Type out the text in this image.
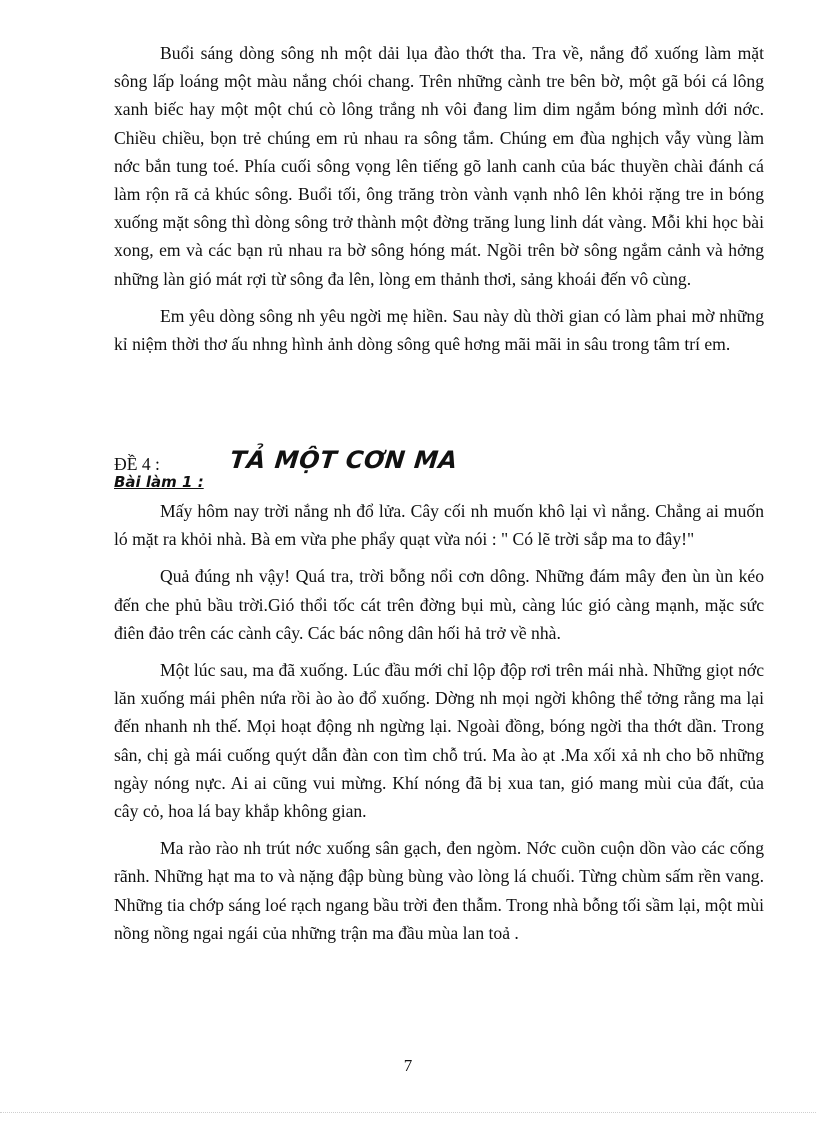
Buổi sáng dòng sông nh một dải lụa đào thớt tha. Tra về, nắng đổ xuống làm mặt sông lấp loáng một màu nắng chói chang. Trên những cành tre bên bờ, một gã bói cá lông xanh biếc hay một một chú cò lông trắng nh vôi đang lim dim ngắm bóng mình dới nớc. Chiều chiều, bọn trẻ chúng em rủ nhau ra sông tắm. Chúng em đùa nghịch vẫy vùng làm nớc bắn tung toé. Phía cuối sông vọng lên tiếng gõ lanh canh của bác thuyền chài đánh cá làm rộn rã cả khúc sông. Buổi tối, ông trăng tròn vành vạnh nhô lên khỏi rặng tre in bóng xuống mặt sông thì dòng sông trở thành một đờng trăng lung linh dát vàng. Mỗi khi học bài xong, em và các bạn rủ nhau ra bờ sông hóng mát. Ngồi trên bờ sông ngắm cảnh và hởng những làn gió mát rợi từ sông đa lên, lòng em thảnh thơi, sảng khoái đến vô cùng.

Em yêu dòng sông nh yêu ngời mẹ hiền. Sau này dù thời gian có làm phai mờ những kỉ niệm thời thơ ấu nhng hình ảnh dòng sông quê hơng mãi mãi in sâu trong tâm trí em.

ĐỀ 4 :	TẢ MỘT CƠN MA
Bài làm 1 :

Mấy hôm nay trời nắng nh đổ lửa. Cây cối nh muốn khô lại vì nắng. Chẳng ai muốn ló mặt ra khỏi nhà. Bà em vừa phe phẩy quạt vừa nói : " Có lẽ trời sắp ma to đây!"

Quả đúng nh vậy! Quá tra, trời bỗng nổi cơn dông. Những đám mây đen ùn ùn kéo đến che phủ bầu trời.Gió thổi tốc cát trên đờng bụi mù, càng lúc gió càng mạnh, mặc sức điên đảo trên các cành cây. Các bác nông dân hối hả trở về nhà.

Một lúc sau, ma đã xuống. Lúc đầu mới chỉ lộp độp rơi trên mái nhà. Những giọt nớc lăn xuống mái phên nứa rồi ào ào đổ xuống. Dờng nh mọi ngời không thể tởng rằng ma lại đến nhanh nh thế. Mọi hoạt động nh ngừng lại. Ngoài đồng, bóng ngời tha thớt dần. Trong sân, chị gà mái cuống quýt dẫn đàn con tìm chỗ trú. Ma ào ạt .Ma xối xả nh cho bõ những ngày nóng nực. Ai ai cũng vui mừng. Khí nóng đã bị xua tan, gió mang mùi của đất, của cây cỏ, hoa lá bay khắp không gian.

Ma rào rào nh trút nớc xuống sân gạch, đen ngòm. Nớc cuồn cuộn dồn vào các cống rãnh. Những hạt ma to và nặng đập bùng bùng vào lòng lá chuối. Từng chùm sấm rền vang. Những tia chớp sáng loé rạch ngang bầu trời đen thẫm. Trong nhà bỗng tối sầm lại, một mùi nồng nồng ngai ngái của những trận ma đầu mùa lan toả .

7
